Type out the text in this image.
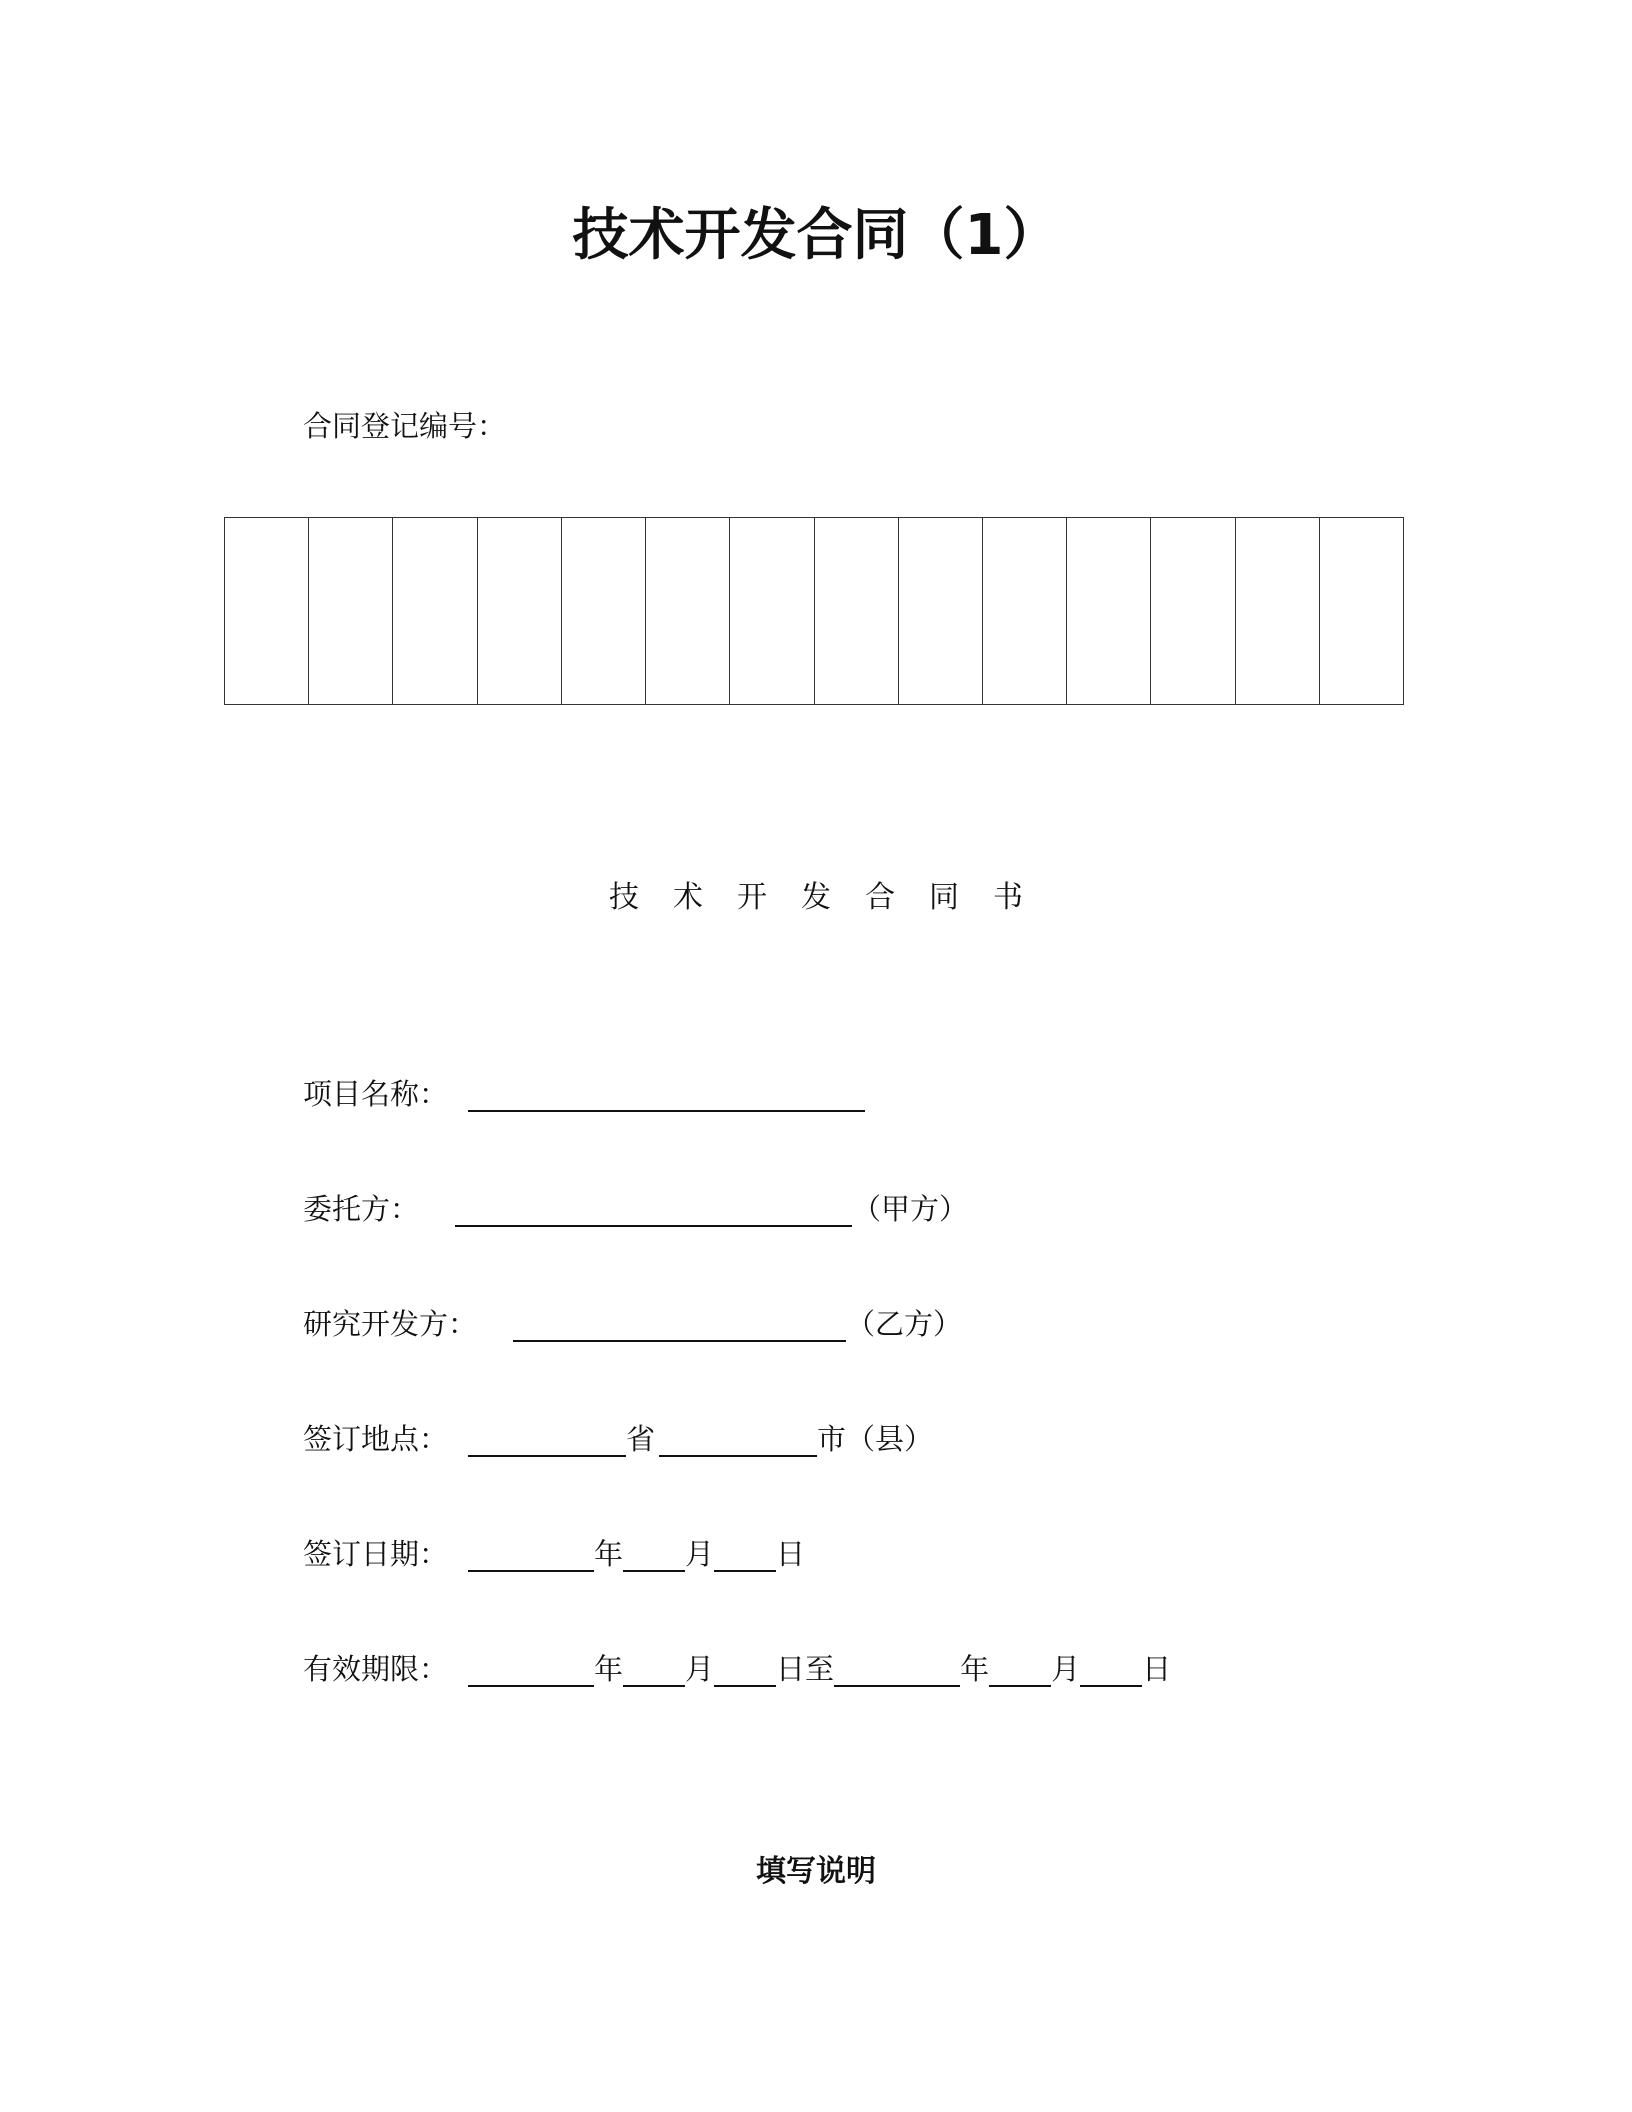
技术开发合同（1）
合同登记编号：
技术开发合同书
项目名称：
委托方：	（甲方）
研究开发方：	（乙方）
签订地点：	省	市（县）
签订日期：	年 月 日
有效期限：	年 月 日至	年 月 日
填写说明
